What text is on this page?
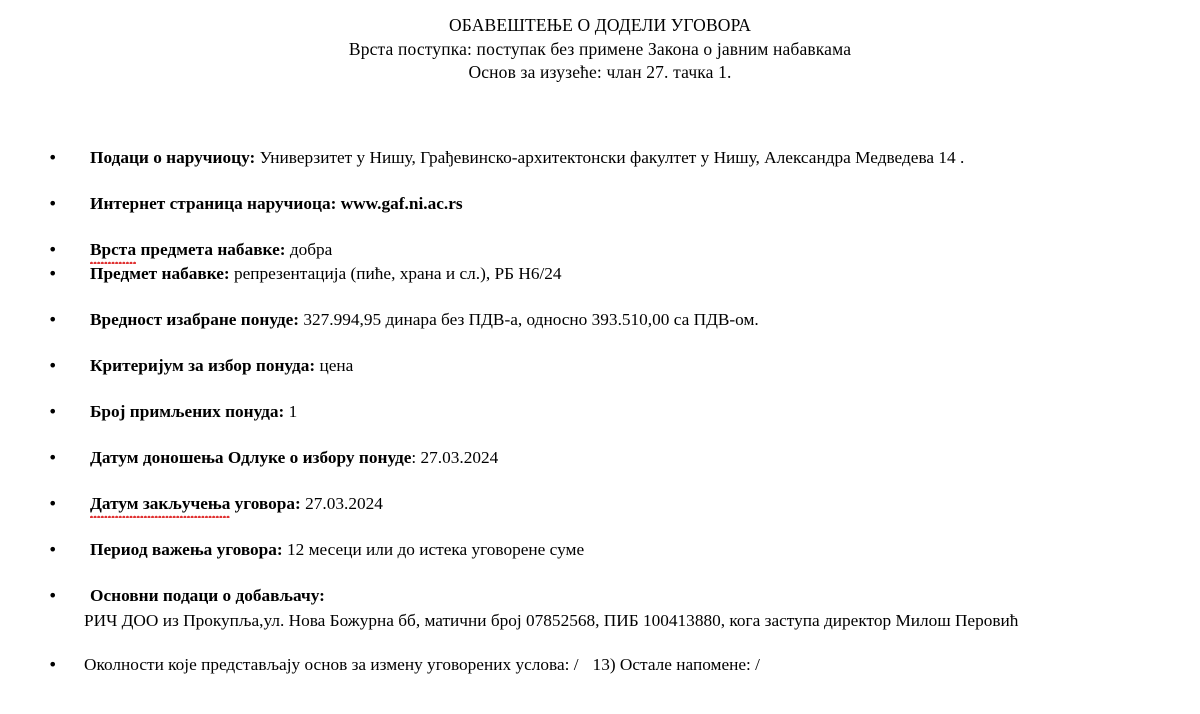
ОБАВЕШТЕЊЕ О ДОДЕЛИ УГОВОРА
Врста поступка: поступак без примене Закона о јавним набавкама
Основ за изузеће: члан 27. тачка 1.
• Подаци о наручиоцу: Универзитет у Нишу, Грађевинско-архитектонски факултет у Нишу, Александра Медведева 14 .
• Интернет страница наручиоца: www.gaf.ni.ac.rs
• Врста предмета набавке: добра
• Предмет набавке: репрезентација (пиће, храна и сл.), РБ Н6/24
• Вредност изабране понуде: 327.994,95 динара без ПДВ-а, односно 393.510,00 са ПДВ-ом.
• Критеријум за избор понуда: цена
• Број примљених понуда: 1
• Датум доношења Одлуке о избору понуде: 27.03.2024
• Датум закључења уговора: 27.03.2024
• Период важења уговора: 12 месеци или до истека уговорене суме
• Основни подаци о добављачу:
РИЧ ДОО из Прокупља,ул. Нова Божурна бб, матични број 07852568, ПИБ 100413880, кога заступа директор Милош Перовић
• Околности које представљају основ за измену уговорених услова: / 13) Остале напомене: /
